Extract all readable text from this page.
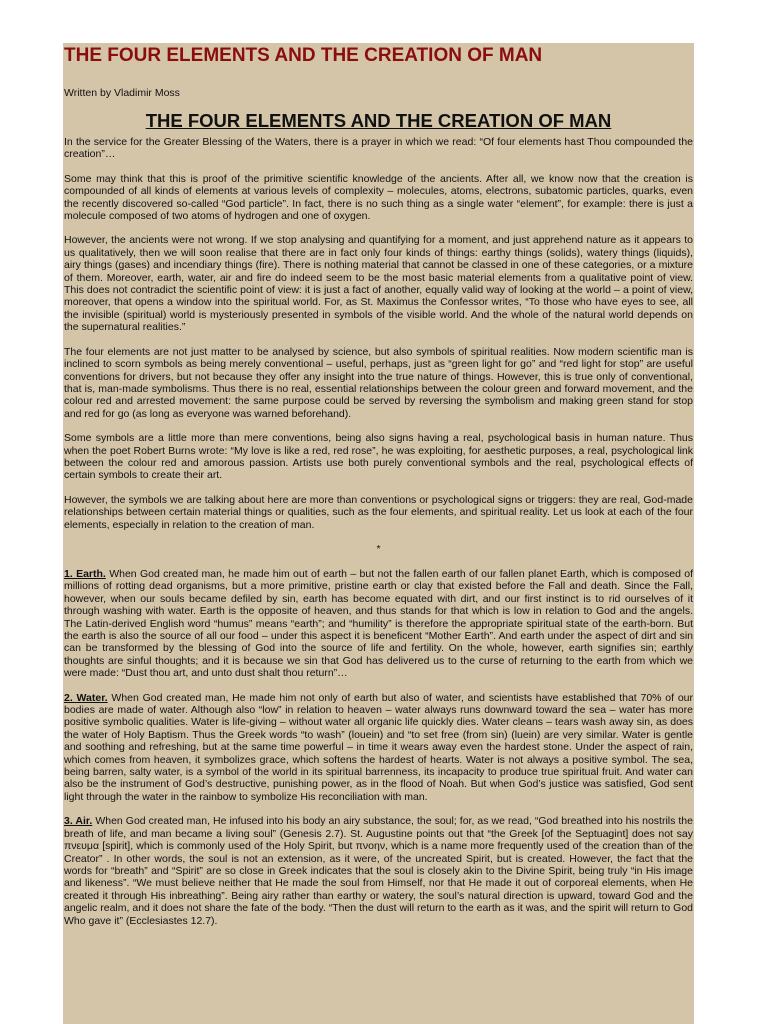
THE FOUR ELEMENTS AND THE CREATION OF MAN
Written by Vladimir Moss
THE FOUR ELEMENTS AND THE CREATION OF MAN

In the service for the Greater Blessing of the Waters, there is a prayer in which we read: “Of four elements hast Thou compounded the creation”…

Some may think that this is proof of the primitive scientific knowledge of the ancients. After all, we know now that the creation is compounded of all kinds of elements at various levels of complexity – molecules, atoms, electrons, subatomic particles, quarks, even the recently discovered so-called “God particle”. In fact, there is no such thing as a single water “element”, for example: there is just a molecule composed of two atoms of hydrogen and one of oxygen.

However, the ancients were not wrong. If we stop analysing and quantifying for a moment, and just apprehend nature as it appears to us qualitatively, then we will soon realise that there are in fact only four kinds of things: earthy things (solids), watery things (liquids), airy things (gases) and incendiary things (fire). There is nothing material that cannot be classed in one of these categories, or a mixture of them. Moreover, earth, water, air and fire do indeed seem to be the most basic material elements from a qualitative point of view. This does not contradict the scientific point of view: it is just a fact of another, equally valid way of looking at the world – a point of view, moreover, that opens a window into the spiritual world. For, as St. Maximus the Confessor writes, “To those who have eyes to see, all the invisible (spiritual) world is mysteriously presented in symbols of the visible world. And the whole of the natural world depends on the supernatural realities.”

The four elements are not just matter to be analysed by science, but also symbols of spiritual realities. Now modern scientific man is inclined to scorn symbols as being merely conventional – useful, perhaps, just as “green light for go” and “red light for stop” are useful conventions for drivers, but not because they offer any insight into the true nature of things. However, this is true only of conventional, that is, man-made symbolisms. Thus there is no real, essential relationships between the colour green and forward movement, and the colour red and arrested movement: the same purpose could be served by reversing the symbolism and making green stand for stop and red for go (as long as everyone was warned beforehand).

Some symbols are a little more than mere conventions, being also signs having a real, psychological basis in human nature. Thus when the poet Robert Burns wrote: “My love is like a red, red rose”, he was exploiting, for aesthetic purposes, a real, psychological link between the colour red and amorous passion. Artists use both purely conventional symbols and the real, psychological effects of certain symbols to create their art.

However, the symbols we are talking about here are more than conventions or psychological signs or triggers: they are real, God-made relationships between certain material things or qualities, such as the four elements, and spiritual reality. Let us look at each of the four elements, especially in relation to the creation of man.

*

1. Earth. When God created man, he made him out of earth – but not the fallen earth of our fallen planet Earth, which is composed of millions of rotting dead organisms, but a more primitive, pristine earth or clay that existed before the Fall and death. Since the Fall, however, when our souls became defiled by sin, earth has become equated with dirt, and our first instinct is to rid ourselves of it through washing with water. Earth is the opposite of heaven, and thus stands for that which is low in relation to God and the angels. The Latin-derived English word “humus” means “earth”; and “humility” is therefore the appropriate spiritual state of the earth-born. But the earth is also the source of all our food – under this aspect it is beneficent “Mother Earth”. And earth under the aspect of dirt and sin can be transformed by the blessing of God into the source of life and fertility. On the whole, however, earth signifies sin; earthly thoughts are sinful thoughts; and it is because we sin that God has delivered us to the curse of returning to the earth from which we were made: “Dust thou art, and unto dust shalt thou return”…

2. Water. When God created man, He made him not only of earth but also of water, and scientists have established that 70% of our bodies are made of water. Although also “low” in relation to heaven – water always runs downward toward the sea – water has more positive symbolic qualities. Water is life-giving – without water all organic life quickly dies. Water cleans – tears wash away sin, as does the water of Holy Baptism. Thus the Greek words “to wash” (louein) and “to set free (from sin) (luein) are very similar. Water is gentle and soothing and refreshing, but at the same time powerful – in time it wears away even the hardest stone. Under the aspect of rain, which comes from heaven, it symbolizes grace, which softens the hardest of hearts. Water is not always a positive symbol. The sea, being barren, salty water, is a symbol of the world in its spiritual barrenness, its incapacity to produce true spiritual fruit. And water can also be the instrument of God’s destructive, punishing power, as in the flood of Noah. But when God’s justice was satisfied, God sent light through the water in the rainbow to symbolize His reconciliation with man.

3. Air. When God created man, He infused into his body an airy substance, the soul; for, as we read, “God breathed into his nostrils the breath of life, and man became a living soul” (Genesis 2.7). St. Augustine points out that “the Greek [of the Septuagint] does not say πνευμα [spirit], which is commonly used of the Holy Spirit, but πνοην, which is a name more frequently used of the creation than of the Creator” . In other words, the soul is not an extension, as it were, of the uncreated Spirit, but is created. However, the fact that the words for “breath” and “Spirit” are so close in Greek indicates that the soul is closely akin to the Divine Spirit, being truly “in His image and likeness”. “We must believe neither that He made the soul from Himself, nor that He made it out of corporeal elements, when He created it through His inbreathing”. Being airy rather than earthy or watery, the soul’s natural direction is upward, toward God and the angelic realm, and it does not share the fate of the body. “Then the dust will return to the earth as it was, and the spirit will return to God Who gave it” (Ecclesiastes 12.7).
